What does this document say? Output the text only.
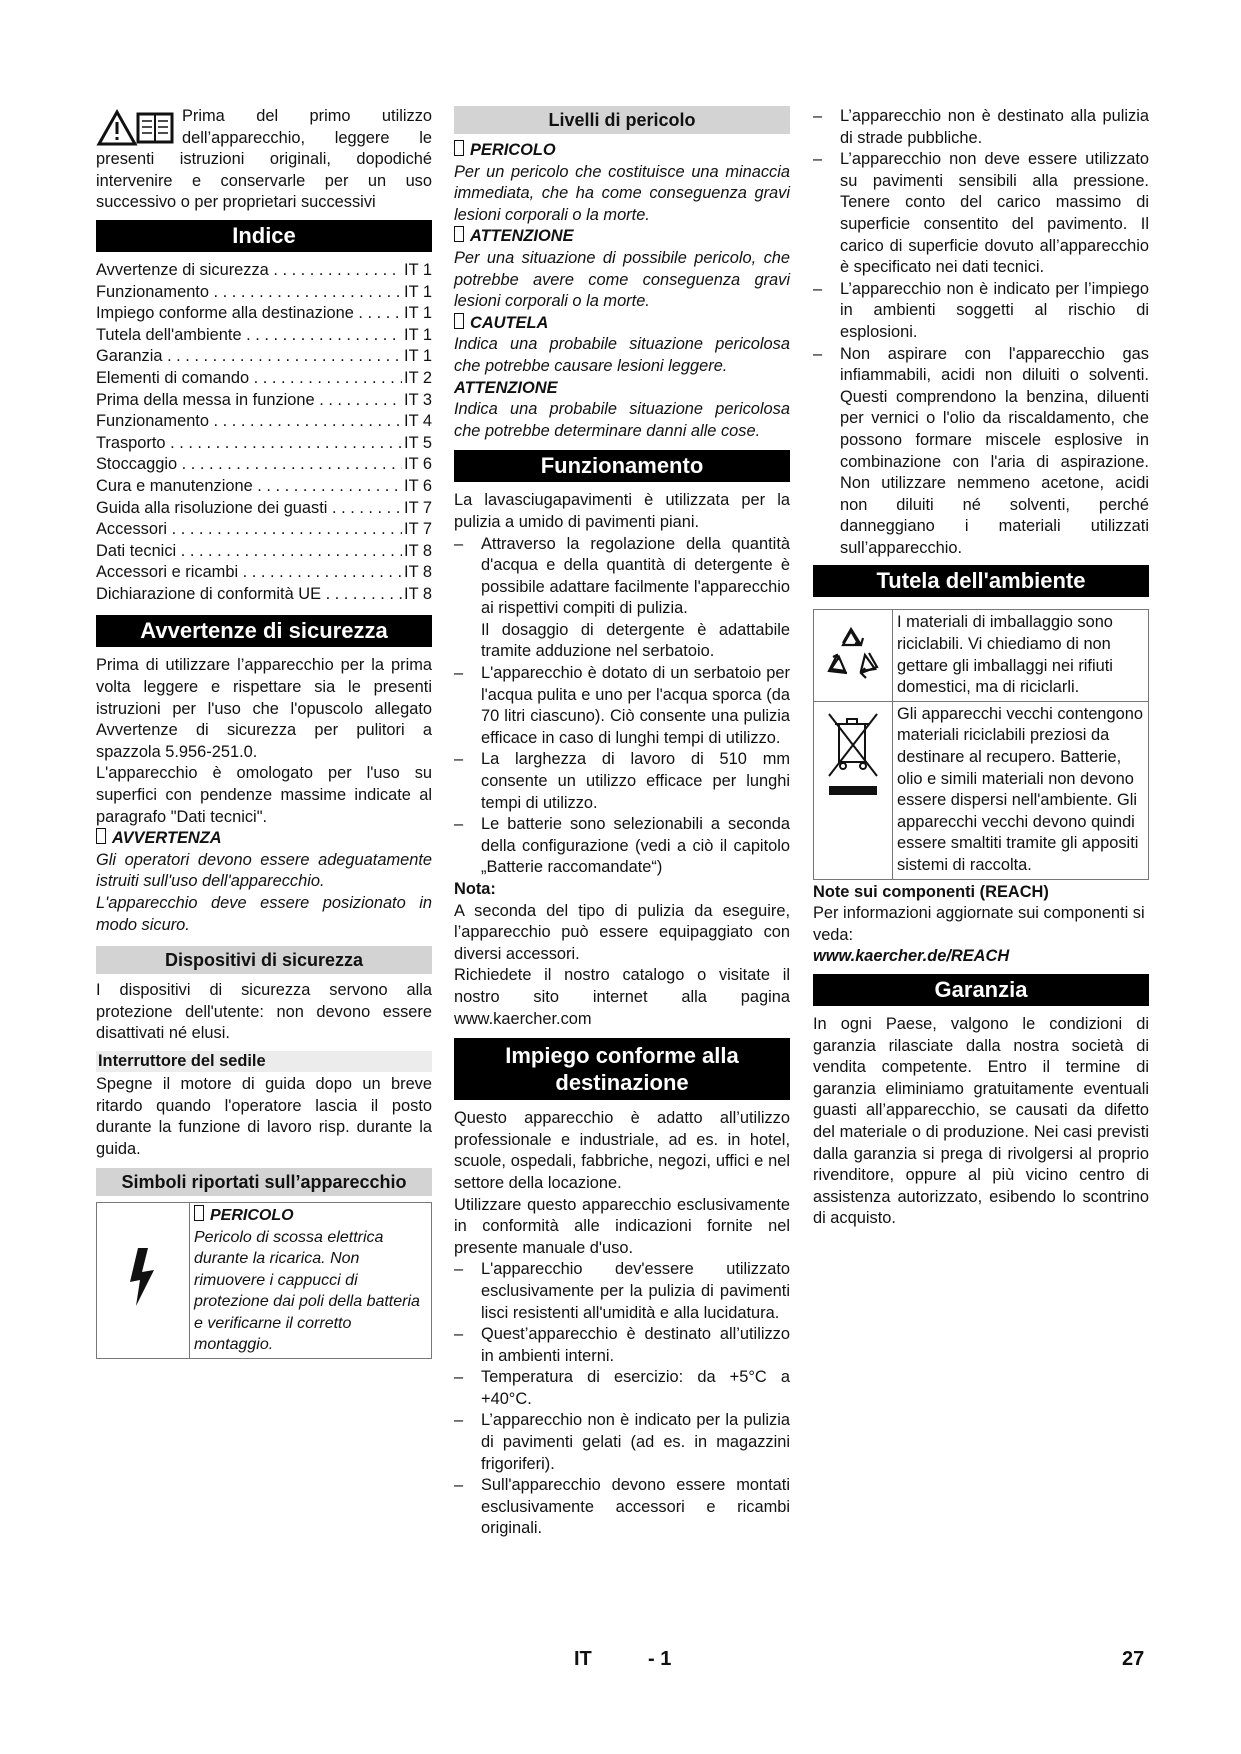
Prima del primo utilizzo dell’apparecchio, leggere le presenti istruzioni originali, dopodiché intervenire e conservarle per un uso successivo o per proprietari successivi

Indice
Avvertenze di sicurezza . . .	IT 1
Funzionamento . . .	IT 1
Impiego conforme alla destinazione . . .	IT 1
Tutela dell'ambiente . . .	IT 1
Garanzia . . .	IT 1
Elementi di comando . . .	IT 2
Prima della messa in funzione . . .	IT 3
Funzionamento . . .	IT 4
Trasporto . . .	IT 5
Stoccaggio . . .	IT 6
Cura e manutenzione . . .	IT 6
Guida alla risoluzione dei guasti . . .	IT 7
Accessori . . .	IT 7
Dati tecnici . . .	IT 8
Accessori e ricambi . . .	IT 8
Dichiarazione di conformità UE . . .	IT 8
Avvertenze di sicurezza

Prima di utilizzare l’apparecchio per la prima volta leggere e rispettare sia le presenti istruzioni per l'uso che l'opuscolo allegato Avvertenze di sicurezza per pulitori a spazzola 5.956-251.0.

L'apparecchio è omologato per l'uso su superfici con pendenze massime indicate al paragrafo "Dati tecnici".

AVVERTENZA

Gli operatori devono essere adeguatamente istruiti sull'uso dell'apparecchio.

L'apparecchio deve essere posizionato in modo sicuro.

Dispositivi di sicurezza

I dispositivi di sicurezza servono alla protezione dell'utente: non devono essere disattivati né elusi.

Interruttore del sedile

Spegne il motore di guida dopo un breve ritardo quando l'operatore lascia il posto durante la funzione di lavoro risp. durante la guida.

Simboli riportati sull’apparecchio

PERICOLO

Pericolo di scossa elettrica durante la ricarica. Non rimuovere i cappucci di protezione dai poli della batteria e verificarne il corretto montaggio.

Livelli di pericolo
PERICOLO

Per un pericolo che costituisce una minaccia immediata, che ha come conseguenza gravi lesioni corporali o la morte.

ATTENZIONE

Per una situazione di possibile pericolo, che potrebbe avere come conseguenza gravi lesioni corporali o la morte.

CAUTELA

Indica una probabile situazione pericolosa che potrebbe causare lesioni leggere.

ATTENZIONE

Indica una probabile situazione pericolosa che potrebbe determinare danni alle cose.

Funzionamento

La lavasciugapavimenti è utilizzata per la pulizia a umido di pavimenti piani.

– Attraverso la regolazione della quantità d'acqua e della quantità di detergente è possibile adattare facilmente l'apparecchio ai rispettivi compiti di pulizia.
Il dosaggio di detergente è adattabile tramite adduzione nel serbatoio.
– L'apparecchio è dotato di un serbatoio per l'acqua pulita e uno per l'acqua sporca (da 70 litri ciascuno). Ciò consente una pulizia efficace in caso di lunghi tempi di utilizzo.
– La larghezza di lavoro di 510 mm consente un utilizzo efficace per lunghi tempi di utilizzo.
– Le batterie sono selezionabili a seconda della configurazione (vedi a ciò il capitolo „Batterie raccomandate“)

Nota:

A seconda del tipo di pulizia da eseguire, l’apparecchio può essere equipaggiato con diversi accessori.

Richiedete il nostro catalogo o visitate il nostro sito internet alla pagina www.kaercher.com

Impiego conforme alla
destinazione

Questo apparecchio è adatto all’utilizzo professionale e industriale, ad es. in hotel, scuole, ospedali, fabbriche, negozi, uffici e nel settore della locazione.

Utilizzare questo apparecchio esclusivamente in conformità alle indicazioni fornite nel presente manuale d'uso.

– L'apparecchio dev'essere utilizzato esclusivamente per la pulizia di pavimenti lisci resistenti all'umidità e alla lucidatura.
– Quest’apparecchio è destinato all’utilizzo in ambienti interni.
– Temperatura di esercizio: da +5°C a +40°C.
– L’apparecchio non è indicato per la pulizia di pavimenti gelati (ad es. in magazzini frigoriferi).
– Sull'apparecchio devono essere montati esclusivamente accessori e ricambi originali.
– L’apparecchio non è destinato alla pulizia di strade pubbliche.
– L’apparecchio non deve essere utilizzato su pavimenti sensibili alla pressione. Tenere conto del carico massimo di superficie consentito del pavimento. Il carico di superficie dovuto all’apparecchio è specificato nei dati tecnici.
– L’apparecchio non è indicato per l’impiego in ambienti soggetti al rischio di esplosioni.
– Non aspirare con l'apparecchio gas infiammabili, acidi non diluiti o solventi. Questi comprendono la benzina, diluenti per vernici o l'olio da riscaldamento, che possono formare miscele esplosive in combinazione con l'aria di aspirazione. Non utilizzare nemmeno acetone, acidi non diluiti né solventi, perché danneggiano i materiali utilizzati sull’apparecchio.
Tutela dell'ambiente

I materiali di imballaggio sono riciclabili. Vi chiediamo di non gettare gli imballaggi nei rifiuti domestici, ma di riciclarli.

Gli apparecchi vecchi contengono materiali riciclabili preziosi da destinare al recupero. Batterie, olio e simili materiali non devono essere dispersi nell'ambiente. Gli apparecchi vecchi devono quindi essere smaltiti tramite gli appositi sistemi di raccolta.

Note sui componenti (REACH)

Per informazioni aggiornate sui componenti si veda:

www.kaercher.de/REACH

Garanzia

In ogni Paese, valgono le condizioni di garanzia rilasciate dalla nostra società di vendita competente. Entro il termine di garanzia eliminiamo gratuitamente eventuali guasti all’apparecchio, se causati da difetto del materiale o di produzione. Nei casi previsti dalla garanzia si prega di rivolgersi al proprio rivenditore, oppure al più vicino centro di assistenza autorizzato, esibendo lo scontrino di acquisto.

IT	- 1	27
